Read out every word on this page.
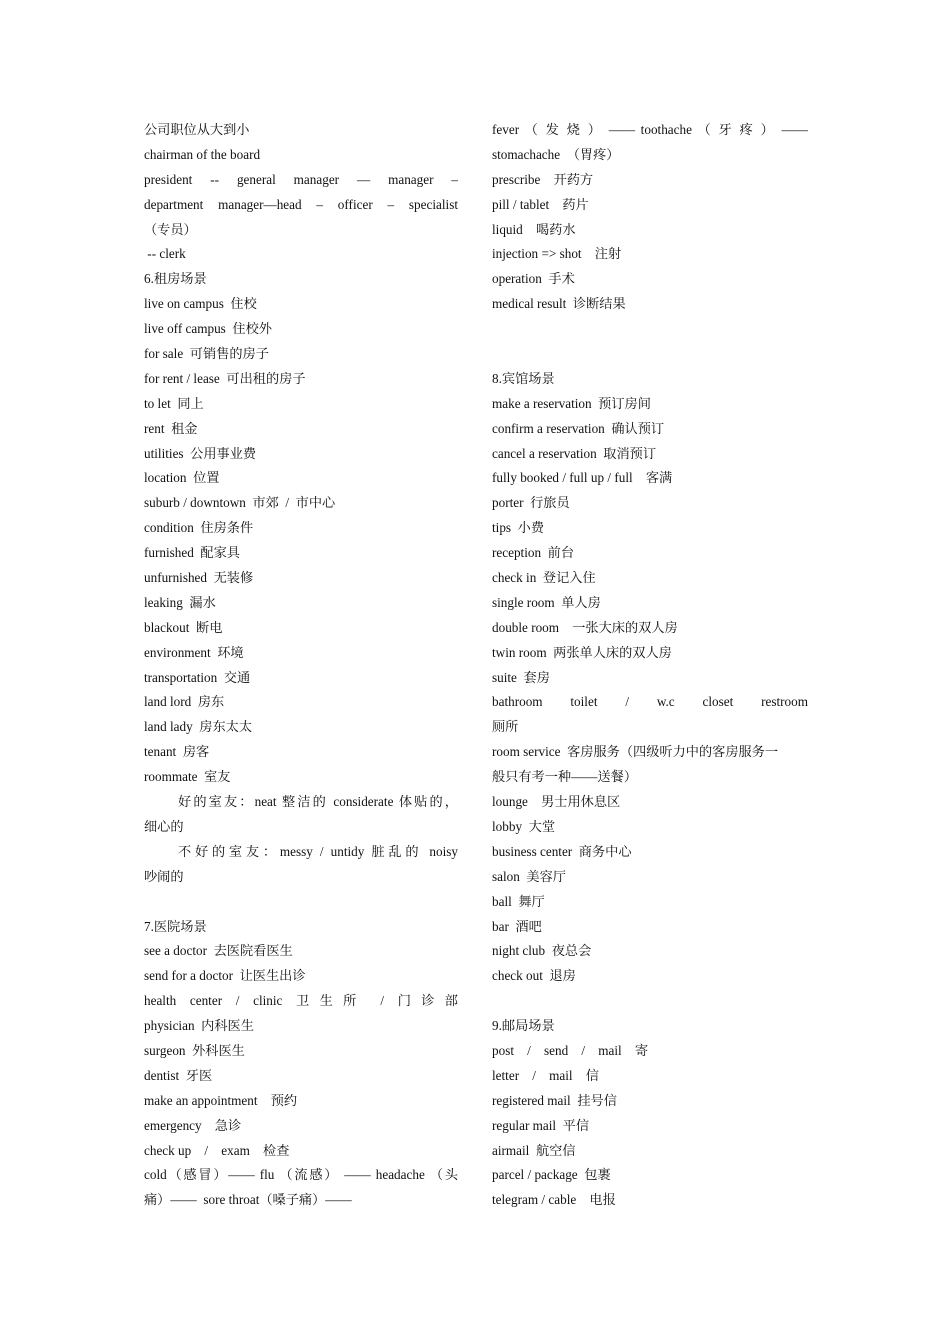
公司职位从大到小
chairman of the board
president -- general manager — manager –
department manager—head – officer – specialist
（专员）
-- clerk
6.租房场景
live on campus  住校
live off campus  住校外
for sale  可销售的房子
for rent / lease  可出租的房子
to let  同上
rent  租金
utilities  公用事业费
location  位置
suburb / downtown  市郊  /  市中心
condition  住房条件
furnished  配家具
unfurnished  无装修
leaking  漏水
blackout  断电
environment  环境
transportation  交通
land lord  房东
land lady  房东太太
tenant  房客
roommate  室友
好的室友：neat 整洁的 considerate 体贴的，
细心的
不好的室友：messy / untidy 脏乱的 noisy
吵闹的
7.医院场景
see a doctor  去医院看医生
send for a doctor  让医生出诊
health center / clinic 卫生所 / 门诊部
physician  内科医生
surgeon  外科医生
dentist  牙医
make an appointment    预约
emergency    急诊
check up    /    exam    检查
cold（感冒）—— flu （流感） —— headache （头
痛）——  sore throat（嗓子痛）——
fever （ 发 烧 ） —— toothache （ 牙 疼 ） ——
stomachache  （胃疼）
prescribe    开药方
pill / tablet    药片
liquid    喝药水
injection => shot    注射
operation  手术
medical result  诊断结果
8.宾馆场景
make a reservation  预订房间
confirm a reservation  确认预订
cancel a reservation  取消预订
fully booked / full up / full    客满
porter  行旅员
tips  小费
reception  前台
check in  登记入住
single room  单人房
double room    一张大床的双人房
twin room  两张单人床的双人房
suite  套房
bathroom toilet / w.c closet restroom
厕所
room service  客房服务（四级听力中的客房服务一
般只有考一种——送餐）
lounge    男士用休息区
lobby  大堂
business center  商务中心
salon  美容厅
ball  舞厅
bar  酒吧
night club  夜总会
check out  退房
9.邮局场景
post    /    send    /    mail    寄
letter    /    mail    信
registered mail  挂号信
regular mail  平信
airmail  航空信
parcel / package  包裹
telegram / cable    电报
